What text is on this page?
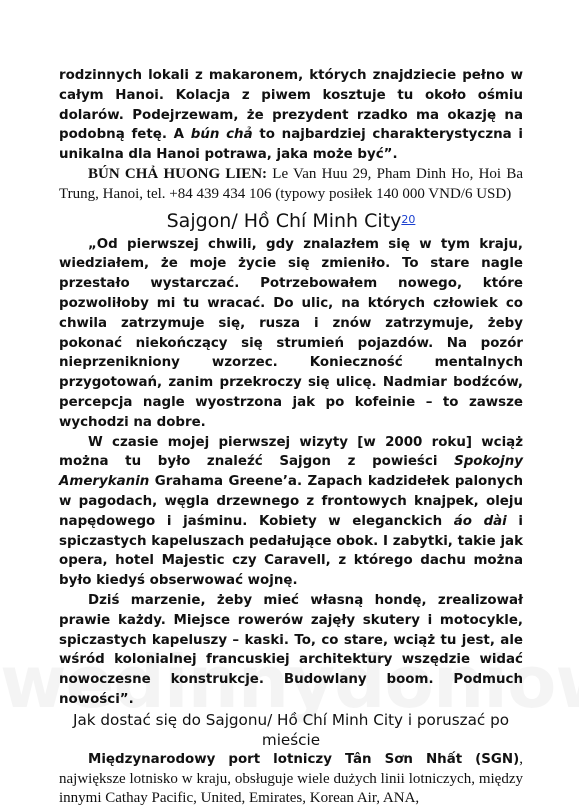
rodzinnych lokali z makaronem, których znajdziecie pełno w całym Hanoi. Kolacja z piwem kosztuje tu około ośmiu dolarów. Podejrzewam, że prezydent rzadko ma okazję na podobną fetę. A bún chả to najbardziej charakterystyczna i unikalna dla Hanoi potrawa, jaka może być”.

BÚN CHẢ HUONG LIEN: Le Van Huu 29, Pham Dinh Ho, Hoi Ba Trung, Hanoi, tel. +84 439 434 106 (typowy posiłek 140 000 VND/6 USD)

Sajgon/ Hồ Chí Minh City$^{20}$

„Od pierwszej chwili, gdy znalazłem się w tym kraju, wiedziałem, że moje życie się zmieniło. To stare nagle przestało wystarczać. Potrzebowałem nowego, które pozwoliłoby mi tu wracać. Do ulic, na których człowiek co chwila zatrzymuje się, rusza i znów zatrzymuje, żeby pokonać niekończący się strumień pojazdów. Na pozór nieprzenikniony wzorzec. Konieczność mentalnych przygotowań, zanim przekroczy się ulicę. Nadmiar bodźców, percepcja nagle wyostrzona jak po kofeinie – to zawsze wychodzi na dobre.

W czasie mojej pierwszej wizyty [w 2000 roku] wciąż można tu było znaleźć Sajgon z powieści Spokojny Amerykanin Grahama Greene’a. Zapach kadzidełek palonych w pagodach, węgla drzewnego z frontowych knajpek, oleju napędowego i jaśminu. Kobiety w eleganckich áo dài i spiczastych kapeluszach pedałujące obok. I zabytki, takie jak opera, hotel Majestic czy Caravell, z którego dachu można było kiedyś obserwować wojnę.

Dziś marzenie, żeby mieć własną hondę, zrealizował prawie każdy. Miejsce rowerów zajęły skutery i motocykle, spiczastych kapeluszy – kaski. To, co stare, wciąż tu jest, ale wśród kolonialnej francuskiej architektury wszędzie widać nowoczesne konstrukcje. Budowlany boom. Podmuch nowości”.

Jak dostać się do Sajgonu/ Hồ Chí Minh City i poruszać po mieście

Międzynarodowy port lotniczy Tân Sơn Nhất (SGN), największe lotnisko w kraju, obsługuje wiele dużych linii lotniczych, między innymi Cathay Pacific, United, Emirates, Korean Air, ANA,
